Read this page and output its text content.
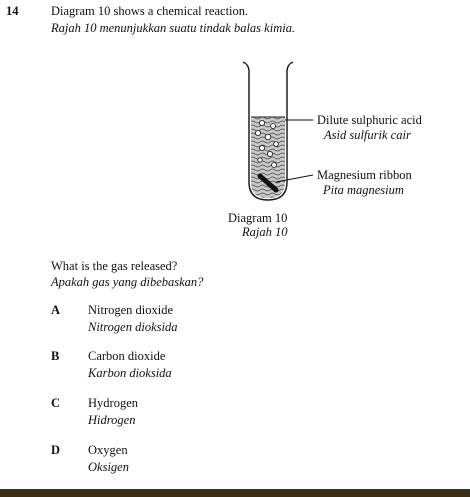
14	Diagram 10 shows a chemical reaction.
Rajah 10 menunjukkan suatu tindak balas kimia.
Dilute sulphuric acid
Asid sulfurik cair
Magnesium ribbon
Pita magnesium
Diagram 10
Rajah 10
What is the gas released?
Apakah gas yang dibebaskan?
A Nitrogen dioxide
Nitrogen dioksida
B Carbon dioxide
Karbon dioksida
C Hydrogen
Hidrogen
D Oxygen
Oksigen
